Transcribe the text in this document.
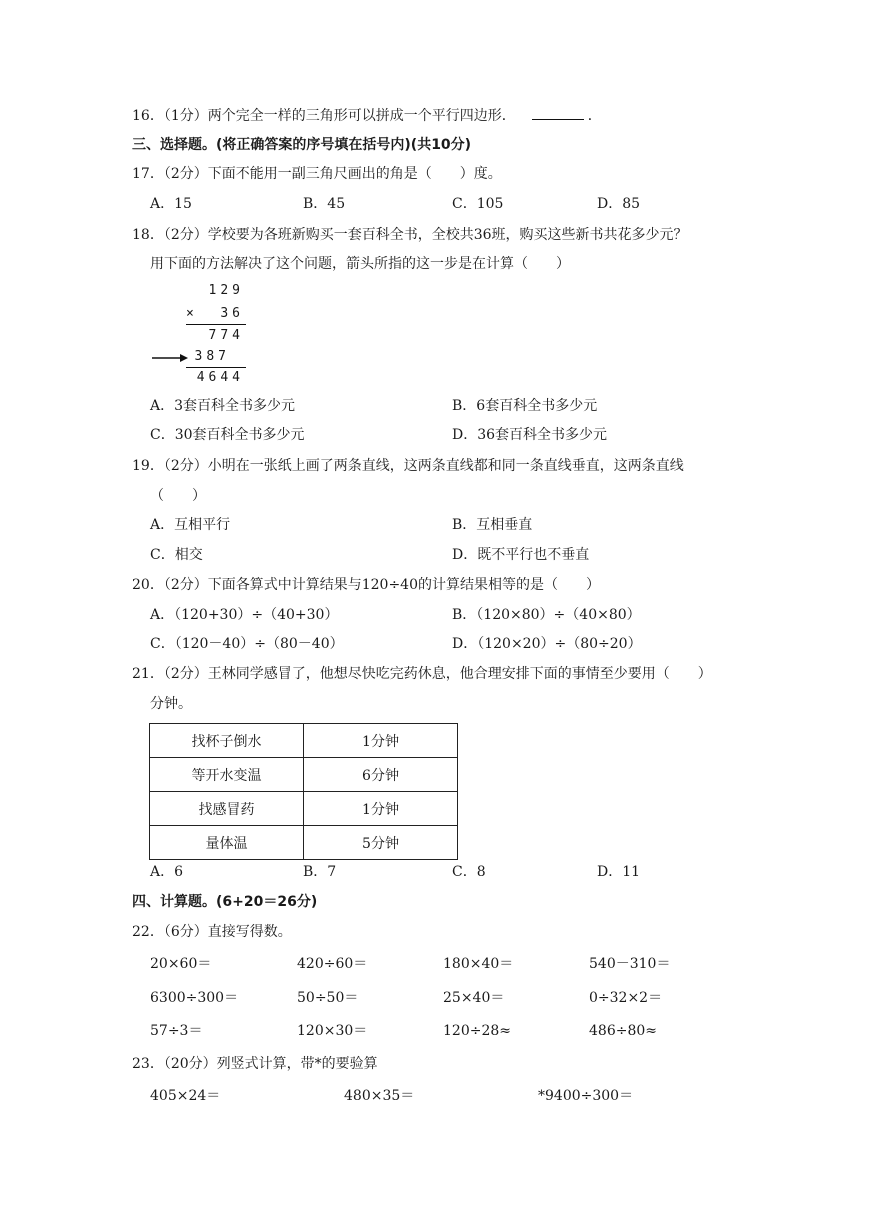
16．（1分）两个完全一样的三角形可以拼成一个平行四边形．	．
三、选择题。(将正确答案的序号填在括号内)(共10分)
17．（2分）下面不能用一副三角尺画出的角是（　　）度。
A．15	B．45	C．105	D．85
18．（2分）学校要为各班新购买一套百科全书，全校共36班，购买这些新书共花多少元？
用下面的方法解决了这个问题，箭头所指的这一步是在计算（　　）
129
× 36
774
387
4644
A．3套百科全书多少元	B．6套百科全书多少元
C．30套百科全书多少元	D．36套百科全书多少元
19．（2分）小明在一张纸上画了两条直线，这两条直线都和同一条直线垂直，这两条直线
（　　）
A．互相平行	B．互相垂直
C．相交	D．既不平行也不垂直
20．（2分）下面各算式中计算结果与120÷40的计算结果相等的是（　　）
A．（120+30）÷（40+30）	B．（120×80）÷（40×80）
C．（120－40）÷（80－40）	D．（120×20）÷（80÷20）
21．（2分）王林同学感冒了，他想尽快吃完药休息，他合理安排下面的事情至少要用（　　）
分钟。
找杯子倒水	1分钟
等开水变温	6分钟
找感冒药	1分钟
量体温	5分钟
A．6	B．7	C．8	D．11
四、计算题。(6+20＝26分)
22．（6分）直接写得数。
20×60＝	420÷60＝	180×40＝	540－310＝
6300÷300＝	50÷50＝	25×40＝	0÷32×2＝
57÷3＝	120×30＝	120÷28≈	486÷80≈
23．（20分）列竖式计算，带*的要验算
405×24＝	480×35＝	*9400÷300＝
